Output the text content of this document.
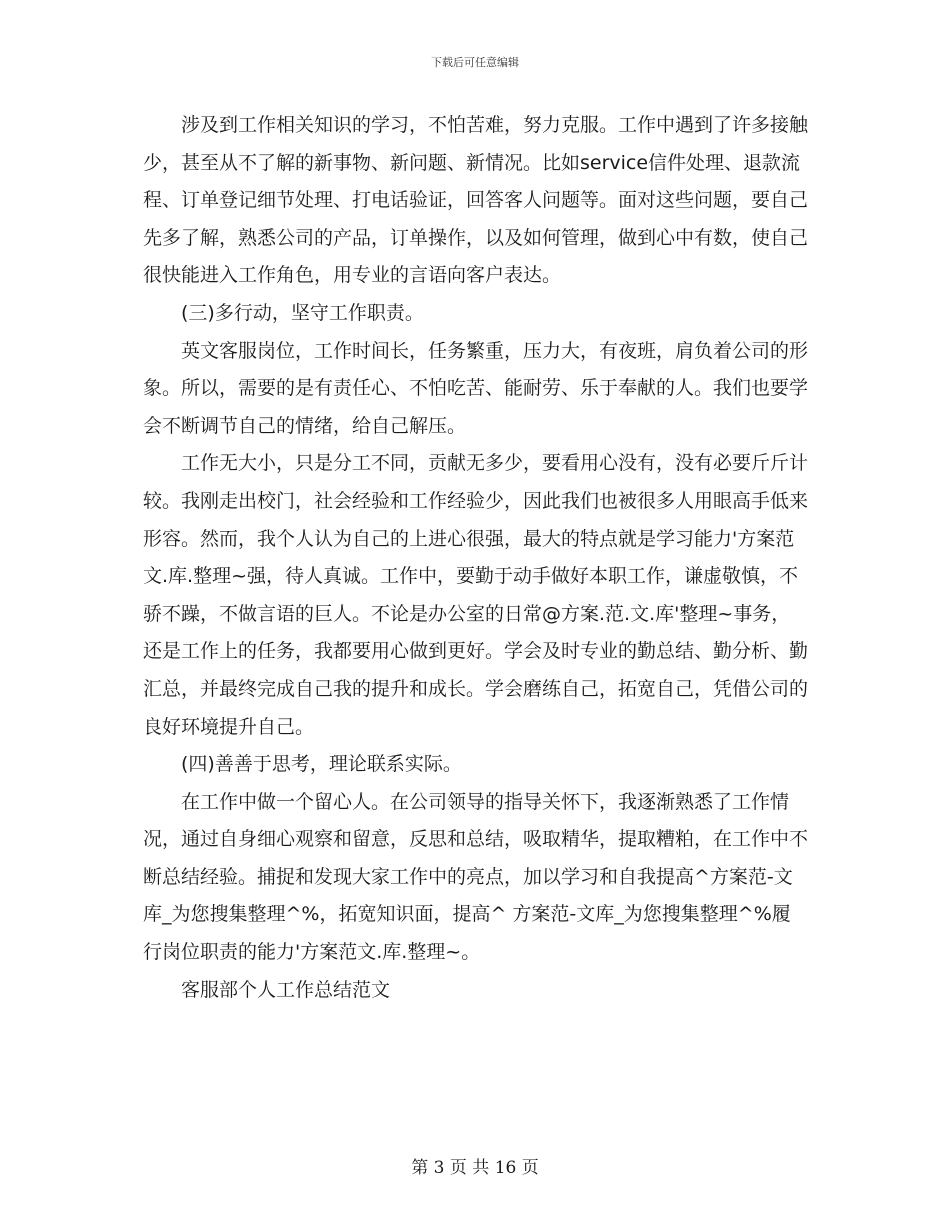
下载后可任意编辑

涉及到工作相关知识的学习，不怕苦难，努力克服。工作中遇到了许多接触少，甚至从不了解的新事物、新问题、新情况。比如service信件处理、退款流程、订单登记细节处理、打电话验证，回答客人问题等。面对这些问题，要自己先多了解，熟悉公司的产品，订单操作，以及如何管理，做到心中有数，使自己很快能进入工作角色，用专业的言语向客户表达。

(三)多行动，坚守工作职责。

英文客服岗位，工作时间长，任务繁重，压力大，有夜班，肩负着公司的形象。所以，需要的是有责任心、不怕吃苦、能耐劳、乐于奉献的人。我们也要学会不断调节自己的情绪，给自己解压。

工作无大小，只是分工不同，贡献无多少，要看用心没有，没有必要斤斤计较。我刚走出校门，社会经验和工作经验少，因此我们也被很多人用眼高手低来形容。然而，我个人认为自己的上进心很强，最大的特点就是学习能力'方案范文.库.整理~强，待人真诚。工作中，要勤于动手做好本职工作，谦虚敬慎，不骄不躁，不做言语的巨人。不论是办公室的日常@方案.范.文.库'整理~事务，还是工作上的任务，我都要用心做到更好。学会及时专业的勤总结、勤分析、勤汇总，并最终完成自己我的提升和成长。学会磨练自己，拓宽自己，凭借公司的良好环境提升自己。

(四)善善于思考，理论联系实际。

在工作中做一个留心人。在公司领导的指导关怀下，我逐渐熟悉了工作情况，通过自身细心观察和留意，反思和总结，吸取精华，提取糟粕，在工作中不断总结经验。捕捉和发现大家工作中的亮点，加以学习和自我提高^方案范-文库_为您搜集整理^%，拓宽知识面，提高^ 方案范-文库_为您搜集整理^%履行岗位职责的能力'方案范文.库.整理~。

客服部个人工作总结范文

第 3 页 共 16 页
